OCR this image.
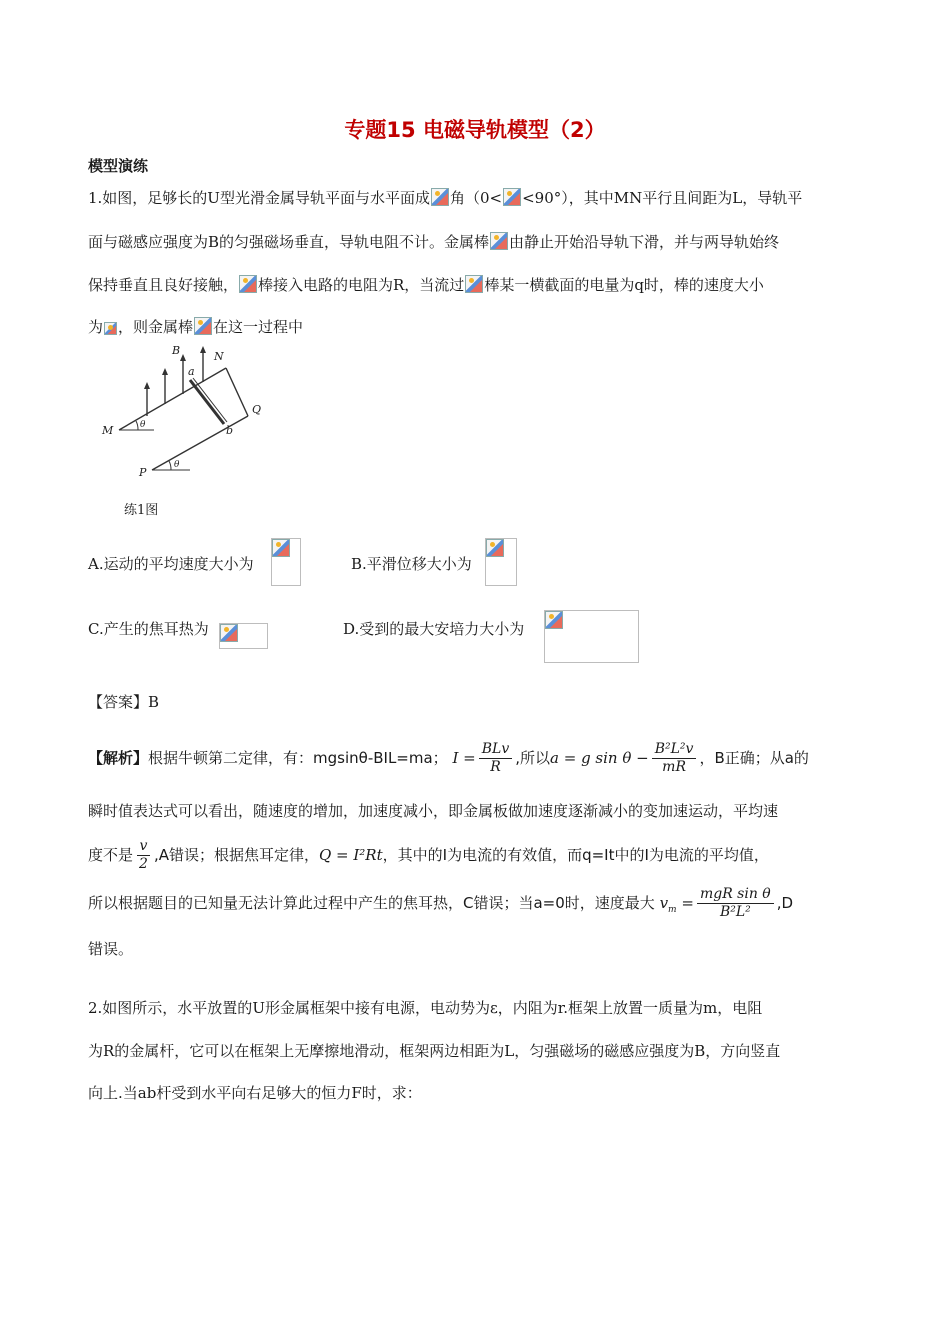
专题15 电磁导轨模型（2）
模型演练
1.如图，足够长的U型光滑金属导轨平面与水平面成 角（0< <90°），其中MN平行且间距为L，导轨平
面与磁感应强度为B的匀强磁场垂直，导轨电阻不计。金属棒 由静止开始沿导轨下滑，并与两导轨始终
保持垂直且良好接触， 棒接入电路的电阻为R，当流过 棒某一横截面的电量为q时，棒的速度大小
为 ，则金属棒 在这一过程中
B
a
N
Q
M	b
P
θ
θ
练1图
A.运动的平均速度大小为	B.平滑位移大小为
C.产生的焦耳热为	D.受到的最大安培力大小为
【答案】B
【解析】根据牛顿第二定律，有：mgsinθ-BIL=ma； $I = \frac{\text{BLv}}{R}$ ,所以a = g $\sin \theta - \frac{\text{B²L²v}}{mR}$ ，B正确；从a的
瞬时值表达式可以看出，随速度的增加，加速度减小，即金属板做加速度逐渐减小的变加速运动，平均速
度不是 $\frac{v}{2} ,A$错误；根据焦耳定律，Q = I²Rt，其中的I为电流的有效值，而q=It中的I为电流的平均值，
所以根据题目的已知量无法计算此过程中产生的焦耳热，C错误；当a=0时，速度最大 $v_m = \frac{\text{mgR sin θ}}{\text{B²L²}} ,D$
错误。
2.如图所示，水平放置的U形金属框架中接有电源，电动势为ε，内阻为r.框架上放置一质量为m，电阻
为R的金属杆，它可以在框架上无摩擦地滑动，框架两边相距为L，匀强磁场的磁感应强度为B，方向竖直
向上.当ab杆受到水平向右足够大的恒力F时，求：
